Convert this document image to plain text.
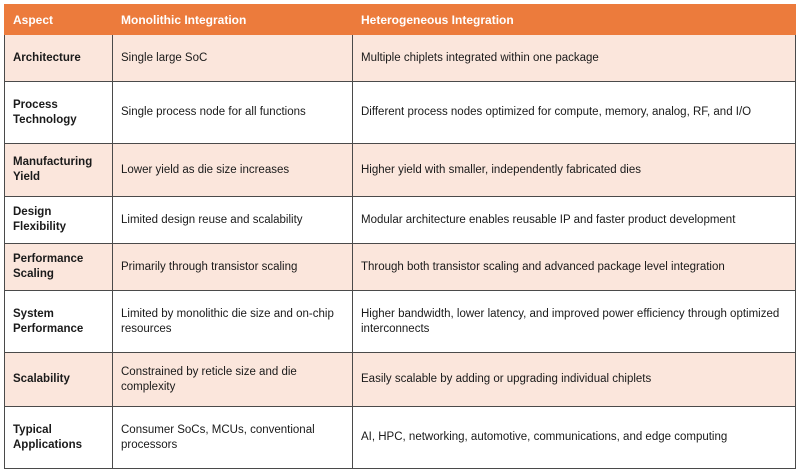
Aspect	Monolithic Integration	Heterogeneous Integration
Architecture	Single large SoC	Multiple chiplets integrated within one package
Process Technology	Single process node for all functions	Different process nodes optimized for compute, memory, analog, RF, and I/O
Manufacturing Yield	Lower yield as die size increases	Higher yield with smaller, independently fabricated dies
Design Flexibility	Limited design reuse and scalability	Modular architecture enables reusable IP and faster product development
Performance Scaling	Primarily through transistor scaling	Through both transistor scaling and advanced package level integration
System Performance	Limited by monolithic die size and on-chip resources	Higher bandwidth, lower latency, and improved power efficiency through optimized interconnects
Scalability	Constrained by reticle size and die complexity	Easily scalable by adding or upgrading individual chiplets
Typical Applications	Consumer SoCs, MCUs, conventional processors	AI, HPC, networking, automotive, communications, and edge computing
